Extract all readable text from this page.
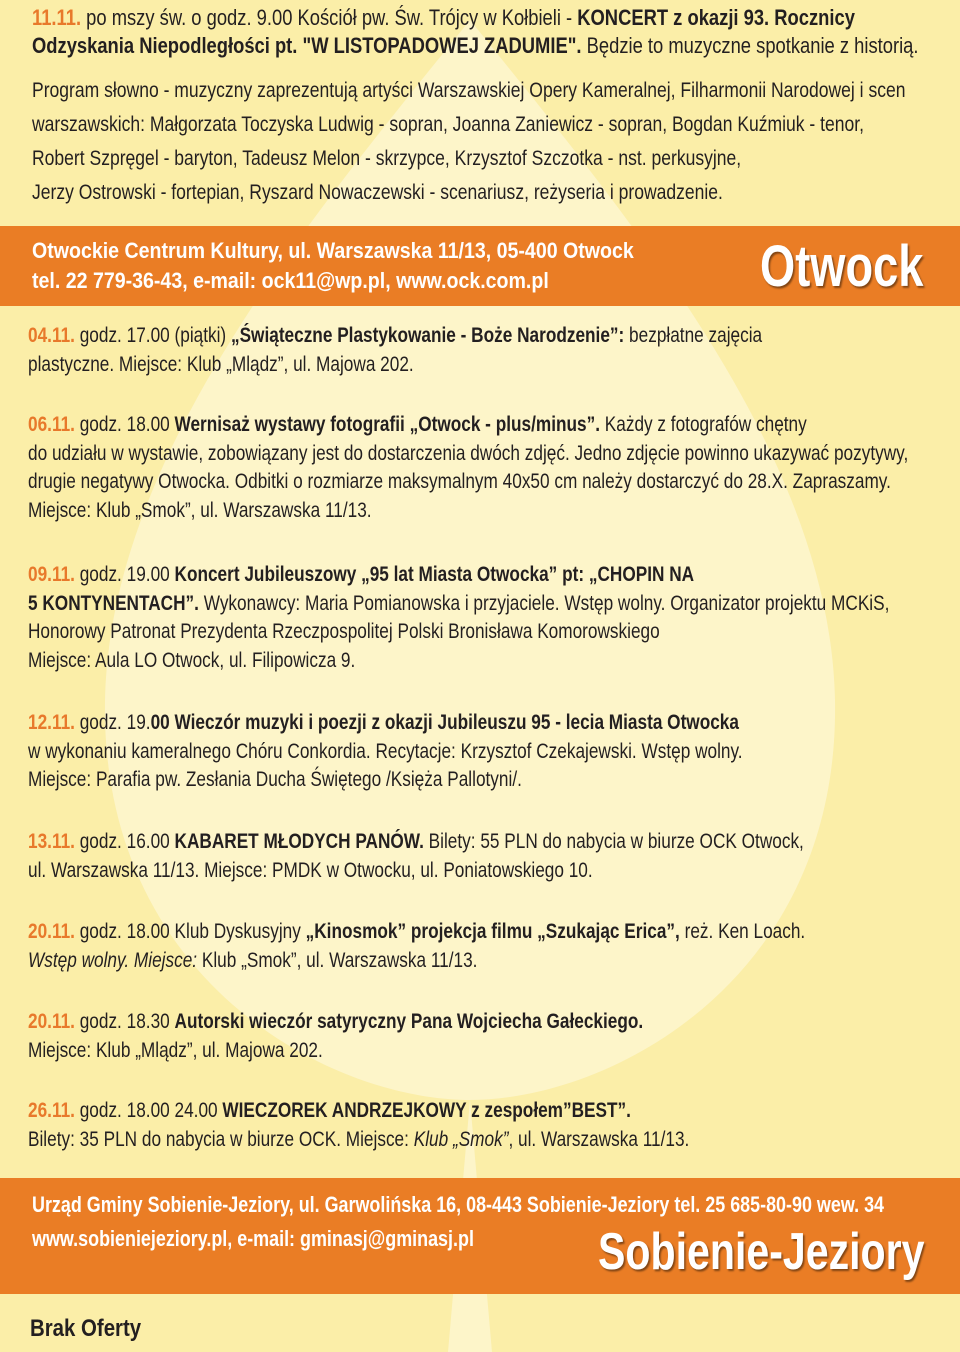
11.11. po mszy św. o godz. 9.00 Kościół pw. Św. Trójcy w Kołbieli - KONCERT z okazji 93. Rocznicy
Odzyskania Niepodległości pt. "W LISTOPADOWEJ ZADUMIE". Będzie to muzyczne spotkanie z historią.
Program słowno - muzyczny zaprezentują artyści Warszawskiej Opery Kameralnej, Filharmonii Narodowej i scen
warszawskich: Małgorzata Toczyska Ludwig - sopran, Joanna Zaniewicz - sopran, Bogdan Kuźmiuk - tenor,
Robert Szpręgel - baryton, Tadeusz Melon - skrzypce, Krzysztof Szczotka - nst. perkusyjne,
Jerzy Ostrowski - fortepian, Ryszard Nowaczewski - scenariusz, reżyseria i prowadzenie.
Otwockie Centrum Kultury, ul. Warszawska 11/13, 05-400 Otwock
tel. 22 779-36-43, e-mail: ock11@wp.pl, www.ock.com.pl	Otwock
04.11. godz. 17.00 (piątki) „Świąteczne Plastykowanie - Boże Narodzenie”: bezpłatne zajęcia
plastyczne. Miejsce: Klub „Mlądz”, ul. Majowa 202.
06.11. godz. 18.00 Wernisaż wystawy fotografii „Otwock - plus/minus”. Każdy z fotografów chętny
do udziału w wystawie, zobowiązany jest do dostarczenia dwóch zdjęć. Jedno zdjęcie powinno ukazywać pozytywy,
drugie negatywy Otwocka. Odbitki o rozmiarze maksymalnym 40x50 cm należy dostarczyć do 28.X. Zapraszamy.
Miejsce: Klub „Smok”, ul. Warszawska 11/13.
09.11. godz. 19.00 Koncert Jubileuszowy „95 lat Miasta Otwocka” pt: „CHOPIN NA
5 KONTYNENTACH”. Wykonawcy: Maria Pomianowska i przyjaciele. Wstęp wolny. Organizator projektu MCKiS,
Honorowy Patronat Prezydenta Rzeczpospolitej Polski Bronisława Komorowskiego
Miejsce: Aula LO Otwock, ul. Filipowicza 9.
12.11. godz. 19.00 Wieczór muzyki i poezji z okazji Jubileuszu 95 - lecia Miasta Otwocka
w wykonaniu kameralnego Chóru Conkordia. Recytacje: Krzysztof Czekajewski. Wstęp wolny.
Miejsce: Parafia pw. Zesłania Ducha Świętego /Księża Pallotyni/.
13.11. godz. 16.00 KABARET MŁODYCH PANÓW. Bilety: 55 PLN do nabycia w biurze OCK Otwock,
ul. Warszawska 11/13. Miejsce: PMDK w Otwocku, ul. Poniatowskiego 10.
20.11. godz. 18.00 Klub Dyskusyjny „Kinosmok” projekcja filmu „Szukając Erica”, reż. Ken Loach.
Wstęp wolny. Miejsce: Klub „Smok”, ul. Warszawska 11/13.
20.11. godz. 18.30 Autorski wieczór satyryczny Pana Wojciecha Gałeckiego.
Miejsce: Klub „Mlądz”, ul. Majowa 202.
26.11. godz. 18.00 24.00 WIECZOREK ANDRZEJKOWY z zespołem”BEST”.
Bilety: 35 PLN do nabycia w biurze OCK. Miejsce: Klub „Smok”, ul. Warszawska 11/13.
Urząd Gminy Sobienie-Jeziory, ul. Garwolińska 16, 08-443 Sobienie-Jeziory tel. 25 685-80-90 wew. 34
www.sobieniejeziory.pl, e-mail: gminasj@gminasj.pl	Sobienie-Jeziory
Brak Oferty
